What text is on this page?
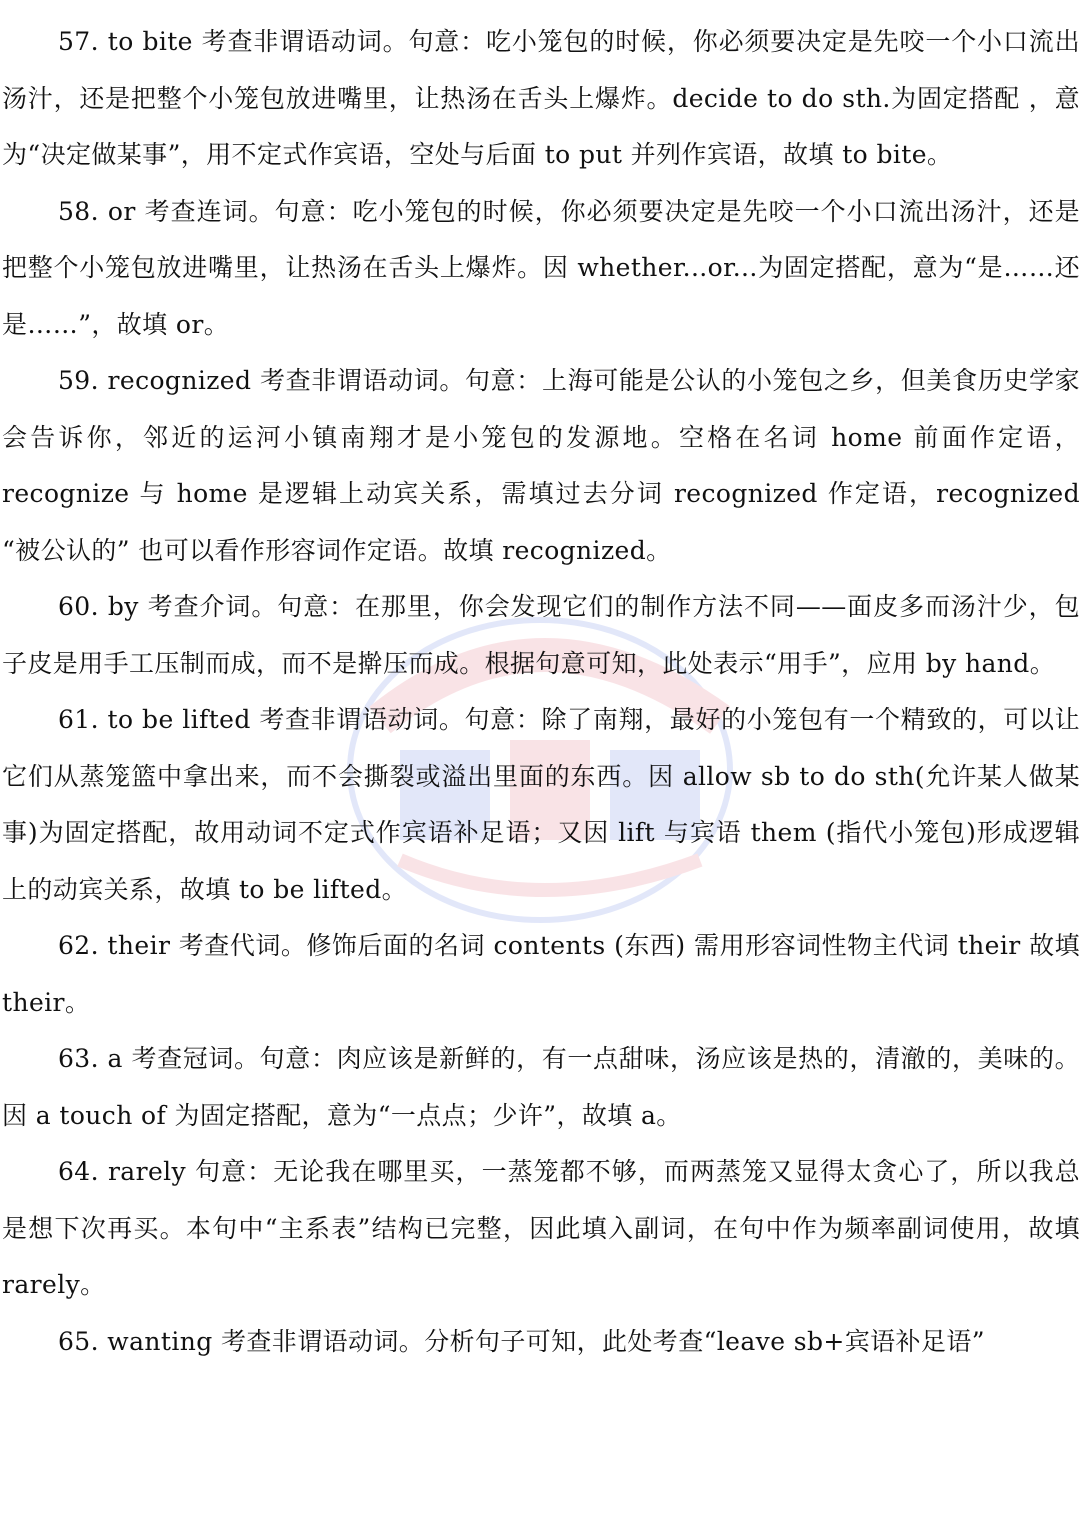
57. to bite 考查非谓语动词。句意：吃小笼包的时候，你必须要决定是先咬一个小口流出汤汁，还是把整个小笼包放进嘴里，让热汤在舌头上爆炸。decide to do sth.为固定搭配 ，意为“决定做某事”，用不定式作宾语，空处与后面 to put 并列作宾语，故填 to bite。

58. or 考查连词。句意：吃小笼包的时候，你必须要决定是先咬一个小口流出汤汁，还是把整个小笼包放进嘴里，让热汤在舌头上爆炸。因 whether...or...为固定搭配，意为“是……还是……”，故填 or。

59. recognized 考查非谓语动词。句意：上海可能是公认的小笼包之乡，但美食历史学家会告诉你，邻近的运河小镇南翔才是小笼包的发源地。空格在名词 home 前面作定语，recognize 与 home 是逻辑上动宾关系，需填过去分词 recognized 作定语，recognized “被公认的” 也可以看作形容词作定语。故填 recognized。

60. by 考查介词。句意：在那里，你会发现它们的制作方法不同——面皮多而汤汁少，包子皮是用手工压制而成，而不是擀压而成。根据句意可知，此处表示“用手”，应用 by hand。

61. to be lifted 考查非谓语动词。句意：除了南翔，最好的小笼包有一个精致的，可以让它们从蒸笼篮中拿出来，而不会撕裂或溢出里面的东西。因 allow sb to do sth(允许某人做某事)为固定搭配，故用动词不定式作宾语补足语；又因 lift 与宾语 them (指代小笼包)形成逻辑上的动宾关系，故填 to be lifted。

62. their 考查代词。修饰后面的名词 contents (东西) 需用形容词性物主代词 their 故填 their。

63. a 考查冠词。句意：肉应该是新鲜的，有一点甜味，汤应该是热的，清澈的，美味的。因 a touch of 为固定搭配，意为“一点点；少许”，故填 a。

64. rarely 句意：无论我在哪里买，一蒸笼都不够，而两蒸笼又显得太贪心了，所以我总是想下次再买。本句中“主系表”结构已完整，因此填入副词，在句中作为频率副词使用，故填 rarely。

65. wanting 考查非谓语动词。分析句子可知，此处考查“leave sb+宾语补足语”
